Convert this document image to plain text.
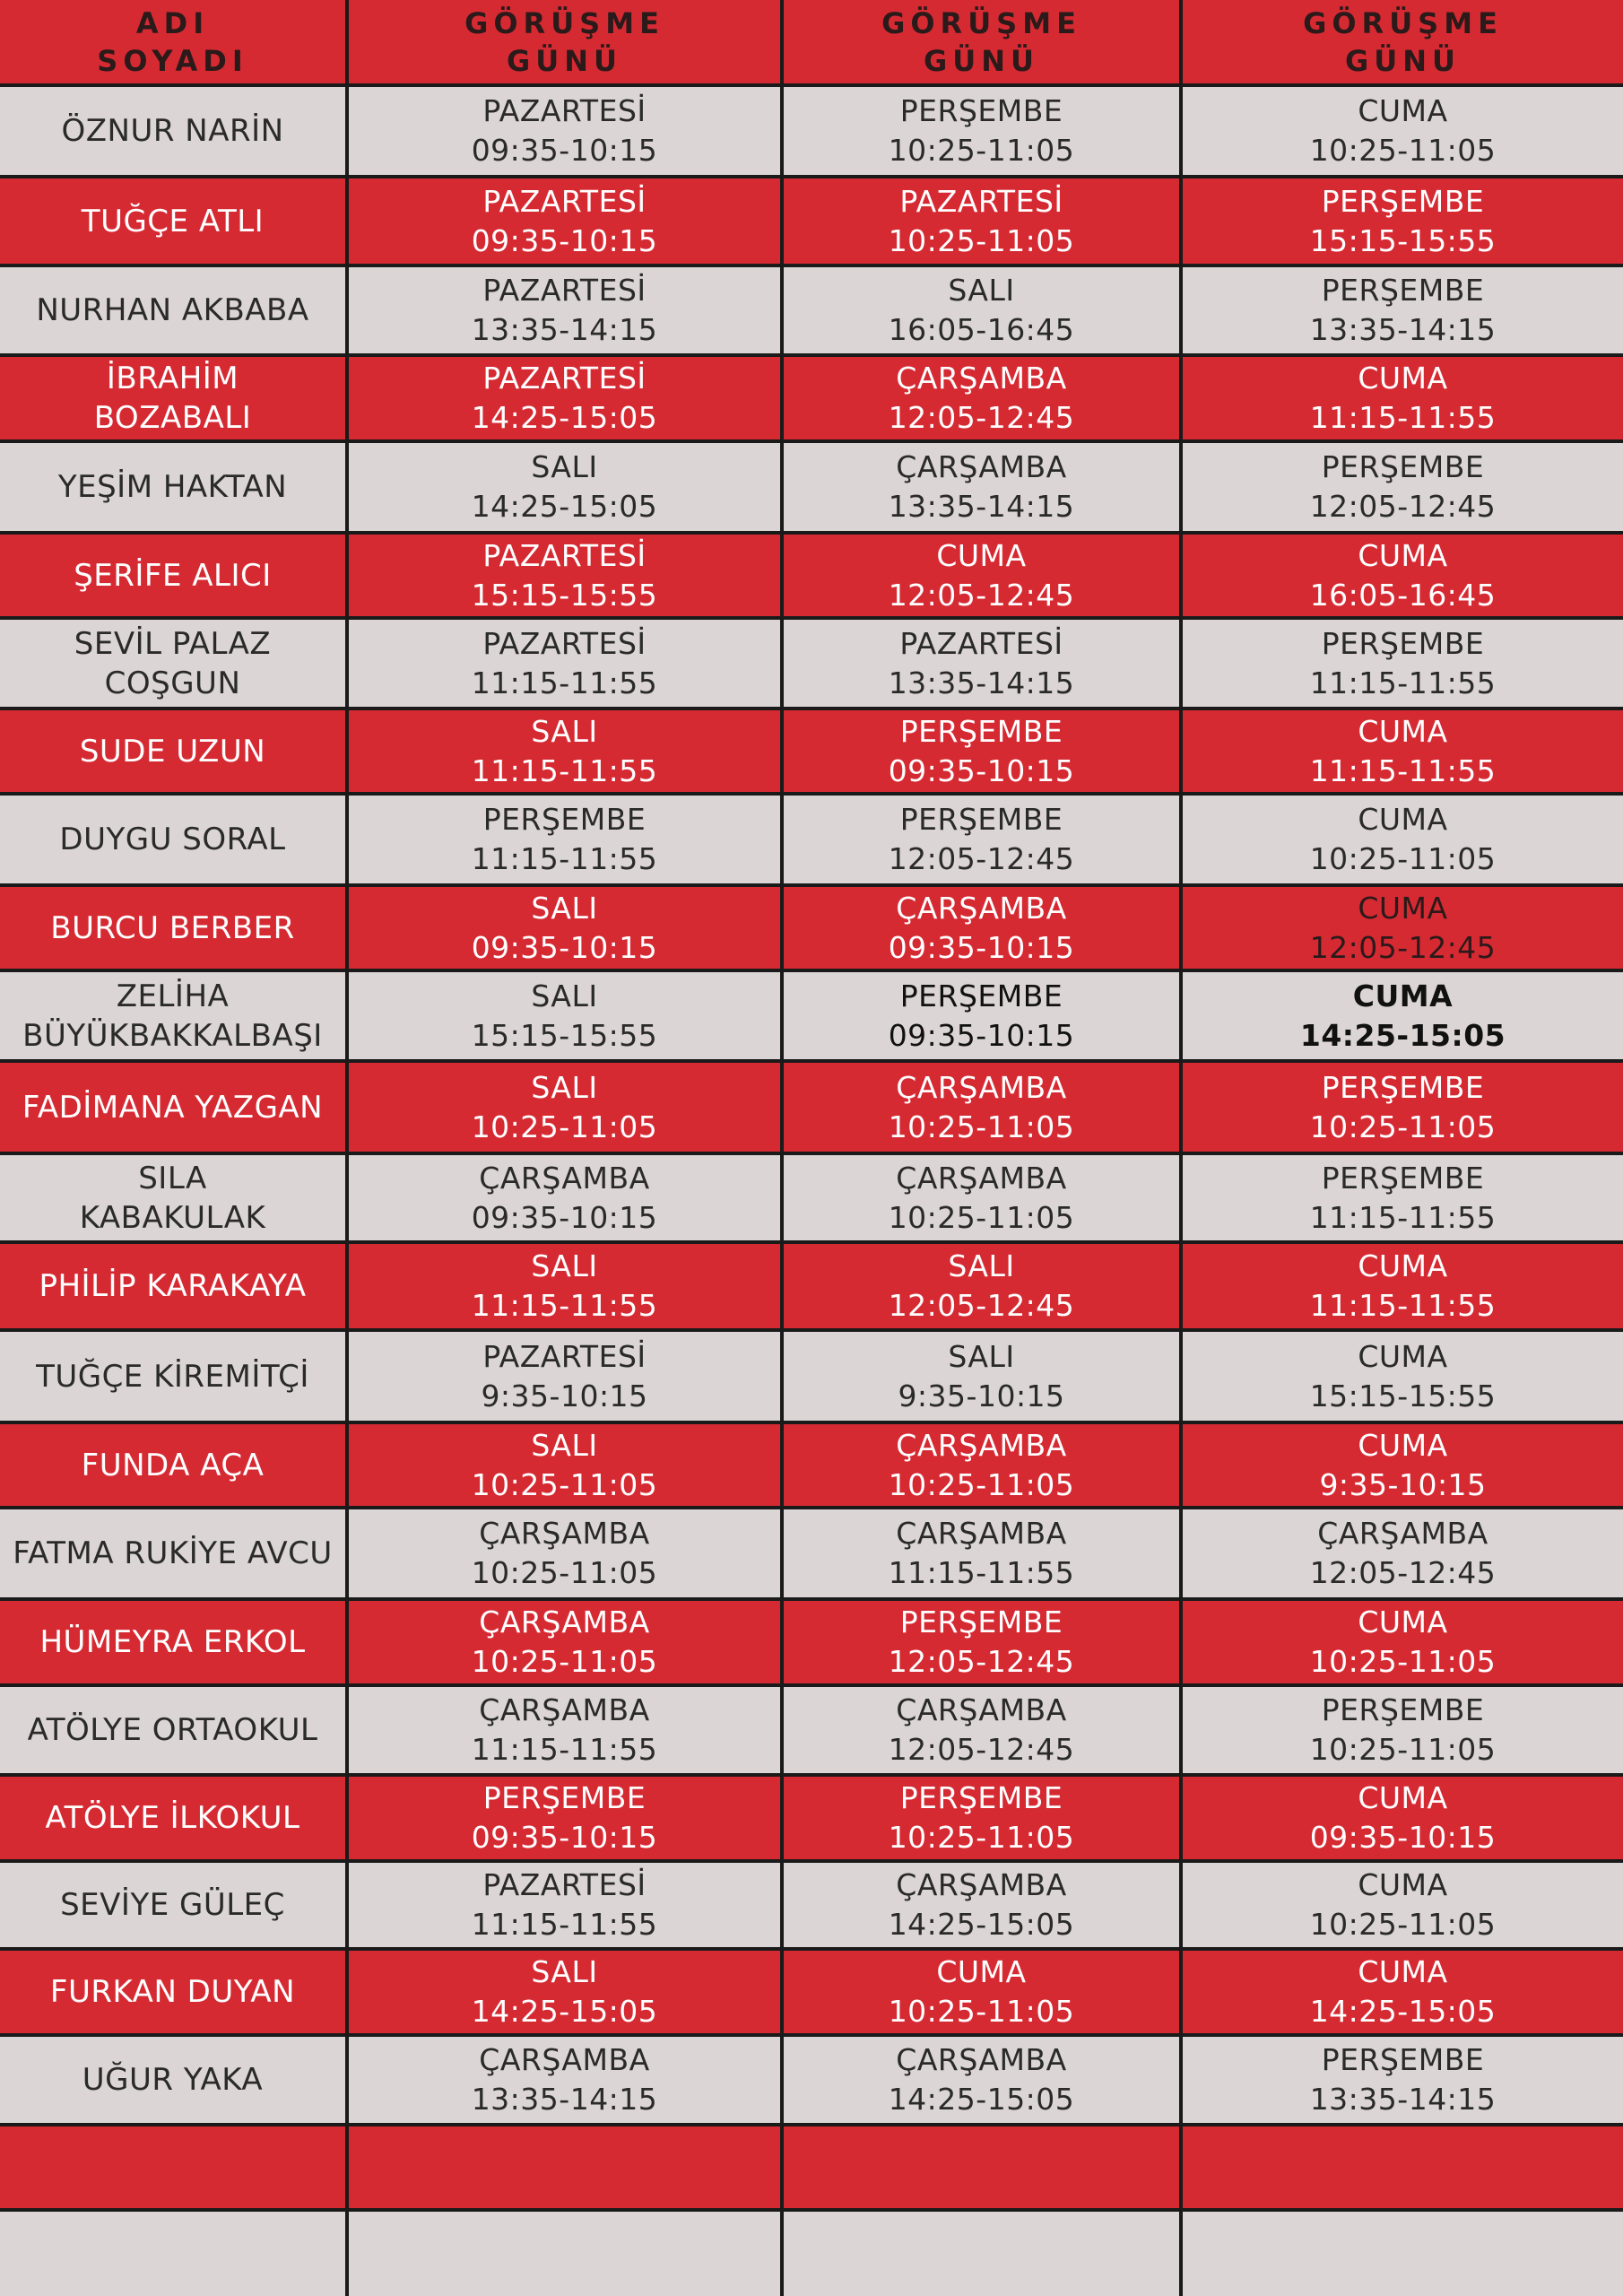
ADI
SOYADI
GÖRÜŞME
GÜNÜ
GÖRÜŞME
GÜNÜ
GÖRÜŞME
GÜNÜ
ÖZNUR NARİN
PAZARTESİ
09:35-10:15
PERŞEMBE
10:25-11:05
CUMA
10:25-11:05
TUĞÇE ATLI
PAZARTESİ
09:35-10:15
PAZARTESİ
10:25-11:05
PERŞEMBE
15:15-15:55
NURHAN AKBABA
PAZARTESİ
13:35-14:15
SALI
16:05-16:45
PERŞEMBE
13:35-14:15
İBRAHİM
BOZABALI
PAZARTESİ
14:25-15:05
ÇARŞAMBA
12:05-12:45
CUMA
11:15-11:55
YEŞİM HAKTAN
SALI
14:25-15:05
ÇARŞAMBA
13:35-14:15
PERŞEMBE
12:05-12:45
ŞERİFE ALICI
PAZARTESİ
15:15-15:55
CUMA
12:05-12:45
CUMA
16:05-16:45
SEVİL PALAZ
COŞGUN
PAZARTESİ
11:15-11:55
PAZARTESİ
13:35-14:15
PERŞEMBE
11:15-11:55
SUDE UZUN
SALI
11:15-11:55
PERŞEMBE
09:35-10:15
CUMA
11:15-11:55
DUYGU SORAL
PERŞEMBE
11:15-11:55
PERŞEMBE
12:05-12:45
CUMA
10:25-11:05
BURCU BERBER
SALI
09:35-10:15
ÇARŞAMBA
09:35-10:15
CUMA
12:05-12:45
ZELİHA
BÜYÜKBAKKALBAŞI
SALI
15:15-15:55
PERŞEMBE
09:35-10:15
CUMA
14:25-15:05
FADİMANA YAZGAN
SALI
10:25-11:05
ÇARŞAMBA
10:25-11:05
PERŞEMBE
10:25-11:05
SILA
KABAKULAK
ÇARŞAMBA
09:35-10:15
ÇARŞAMBA
10:25-11:05
PERŞEMBE
11:15-11:55
PHİLİP KARAKAYA
SALI
11:15-11:55
SALI
12:05-12:45
CUMA
11:15-11:55
TUĞÇE KİREMİTÇİ
PAZARTESİ
9:35-10:15
SALI
9:35-10:15
CUMA
15:15-15:55
FUNDA AÇA
SALI
10:25-11:05
ÇARŞAMBA
10:25-11:05
CUMA
9:35-10:15
FATMA RUKİYE AVCU
ÇARŞAMBA
10:25-11:05
ÇARŞAMBA
11:15-11:55
ÇARŞAMBA
12:05-12:45
HÜMEYRA ERKOL
ÇARŞAMBA
10:25-11:05
PERŞEMBE
12:05-12:45
CUMA
10:25-11:05
ATÖLYE ORTAOKUL
ÇARŞAMBA
11:15-11:55
ÇARŞAMBA
12:05-12:45
PERŞEMBE
10:25-11:05
ATÖLYE İLKOKUL
PERŞEMBE
09:35-10:15
PERŞEMBE
10:25-11:05
CUMA
09:35-10:15
SEVİYE GÜLEÇ
PAZARTESİ
11:15-11:55
ÇARŞAMBA
14:25-15:05
CUMA
10:25-11:05
FURKAN DUYAN
SALI
14:25-15:05
CUMA
10:25-11:05
CUMA
14:25-15:05
UĞUR YAKA
ÇARŞAMBA
13:35-14:15
ÇARŞAMBA
14:25-15:05
PERŞEMBE
13:35-14:15
